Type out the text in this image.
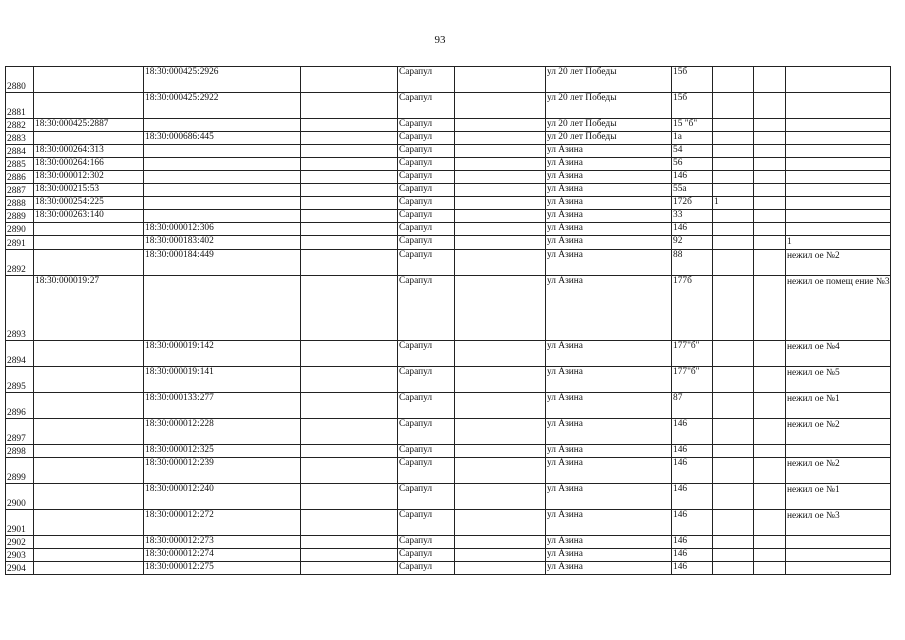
93
2880		18:30:000425:2926		Сарапул		ул 20 лет Победы	15б			
2881		18:30:000425:2922		Сарапул		ул 20 лет Победы	15б			
2882	18:30:000425:2887			Сарапул		ул 20 лет Победы	15 "б"			
2883		18:30:000686:445		Сарапул		ул 20 лет Победы	1а			
2884	18:30:000264:313			Сарапул		ул Азина	54			
2885	18:30:000264:166			Сарапул		ул Азина	56			
2886	18:30:000012:302			Сарапул		ул Азина	146			
2887	18:30:000215:53			Сарапул		ул Азина	55а			
2888	18:30:000254:225			Сарапул		ул Азина	172б	1		
2889	18:30:000263:140			Сарапул		ул Азина	33			
2890		18:30:000012:306		Сарапул		ул Азина	146			
2891		18:30:000183:402		Сарапул		ул Азина	92			1
2892		18:30:000184:449		Сарапул		ул Азина	88			нежил ое №2
2893	18:30:000019:27			Сарапул		ул Азина	177б			нежил ое помещ ение №3
2894		18:30:000019:142		Сарапул		ул Азина	177"б"			нежил ое №4
2895		18:30:000019:141		Сарапул		ул Азина	177"б"			нежил ое №5
2896		18:30:000133:277		Сарапул		ул Азина	87			нежил ое №1
2897		18:30:000012:228		Сарапул		ул Азина	146			нежил ое №2
2898		18:30:000012:325		Сарапул		ул Азина	146			
2899		18:30:000012:239		Сарапул		ул Азина	146			нежил ое №2
2900		18:30:000012:240		Сарапул		ул Азина	146			нежил ое №1
2901		18:30:000012:272		Сарапул		ул Азина	146			нежил ое №3
2902		18:30:000012:273		Сарапул		ул Азина	146			
2903		18:30:000012:274		Сарапул		ул Азина	146			
2904		18:30:000012:275		Сарапул		ул Азина	146			
